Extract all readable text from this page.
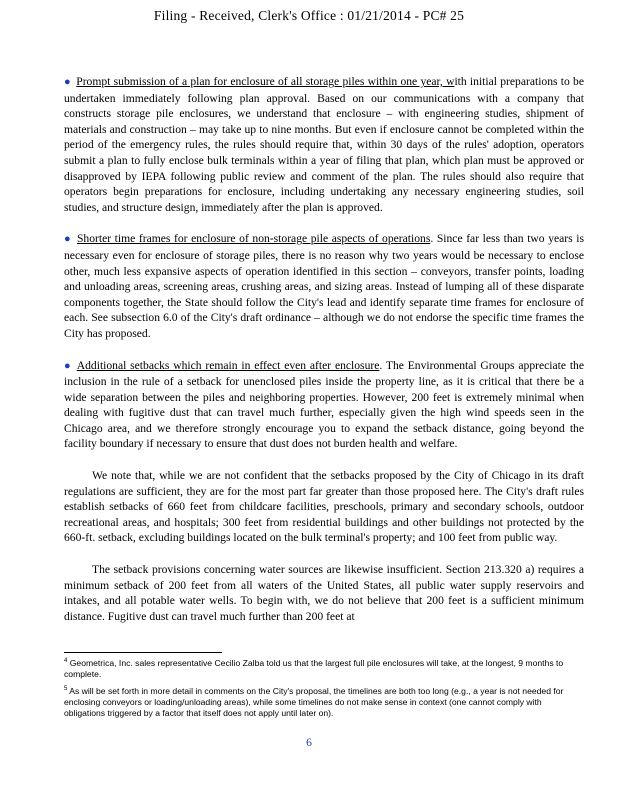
Filing - Received, Clerk's Office : 01/21/2014 - PC# 25

● Prompt submission of a plan for enclosure of all storage piles within one year, with initial preparations to be undertaken immediately following plan approval. Based on our communications with a company that constructs storage pile enclosures, we understand that enclosure – with engineering studies, shipment of materials and construction – may take up to nine months. But even if enclosure cannot be completed within the period of the emergency rules, the rules should require that, within 30 days of the rules' adoption, operators submit a plan to fully enclose bulk terminals within a year of filing that plan, which plan must be approved or disapproved by IEPA following public review and comment of the plan. The rules should also require that operators begin preparations for enclosure, including undertaking any necessary engineering studies, soil studies, and structure design, immediately after the plan is approved.

● Shorter time frames for enclosure of non-storage pile aspects of operations. Since far less than two years is necessary even for enclosure of storage piles, there is no reason why two years would be necessary to enclose other, much less expansive aspects of operation identified in this section – conveyors, transfer points, loading and unloading areas, screening areas, crushing areas, and sizing areas. Instead of lumping all of these disparate components together, the State should follow the City's lead and identify separate time frames for enclosure of each. See subsection 6.0 of the City's draft ordinance – although we do not endorse the specific time frames the City has proposed.

● Additional setbacks which remain in effect even after enclosure. The Environmental Groups appreciate the inclusion in the rule of a setback for unenclosed piles inside the property line, as it is critical that there be a wide separation between the piles and neighboring properties. However, 200 feet is extremely minimal when dealing with fugitive dust that can travel much further, especially given the high wind speeds seen in the Chicago area, and we therefore strongly encourage you to expand the setback distance, going beyond the facility boundary if necessary to ensure that dust does not burden health and welfare.

We note that, while we are not confident that the setbacks proposed by the City of Chicago in its draft regulations are sufficient, they are for the most part far greater than those proposed here. The City's draft rules establish setbacks of 660 feet from childcare facilities, preschools, primary and secondary schools, outdoor recreational areas, and hospitals; 300 feet from residential buildings and other buildings not protected by the 660-ft. setback, excluding buildings located on the bulk terminal's property; and 100 feet from public way.

The setback provisions concerning water sources are likewise insufficient. Section 213.320 a) requires a minimum setback of 200 feet from all waters of the United States, all public water supply reservoirs and intakes, and all potable water wells. To begin with, we do not believe that 200 feet is a sufficient minimum distance. Fugitive dust can travel much further than 200 feet at

$^4$ Geometrica, Inc. sales representative Cecilio Zalba told us that the largest full pile enclosures will take, at the longest, 9 months to complete.

$^5$ As will be set forth in more detail in comments on the City's proposal, the timelines are both too long (e.g., a year is not needed for enclosing conveyors or loading/unloading areas), while some timelines do not make sense in context (one cannot comply with obligations triggered by a factor that itself does not apply until later on).

6
